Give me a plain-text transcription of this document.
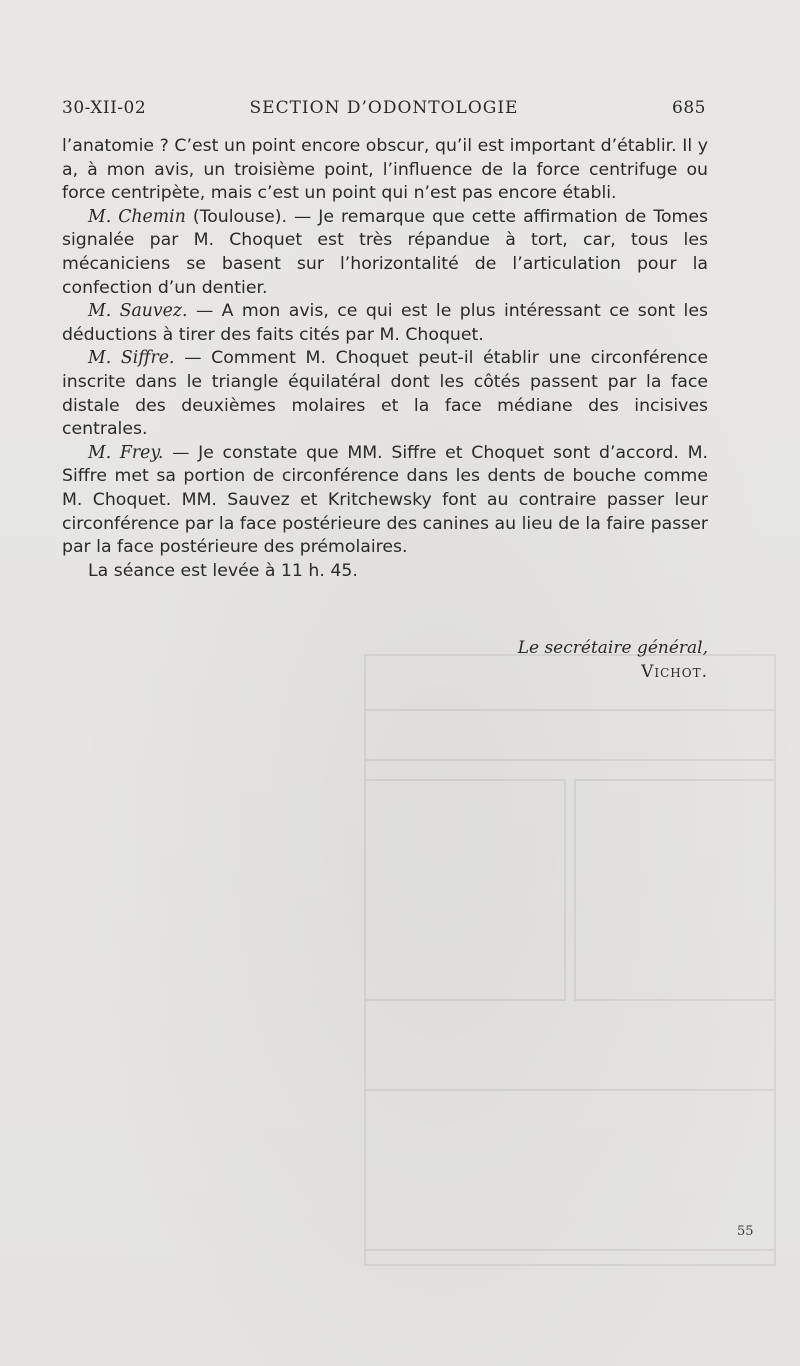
30-XII-02	SECTION D’ODONTOLOGIE	685

l’anatomie ? C’est un point encore obscur, qu’il est important d’établir. Il y a, à mon avis, un troisième point, l’influence de la force centrifuge ou force centripète, mais c’est un point qui n’est pas encore établi.

M. Chemin (Toulouse). — Je remarque que cette affirmation de Tomes signalée par M. Choquet est très répandue à tort, car, tous les mécaniciens se basent sur l’horizontalité de l’articulation pour la confection d’un dentier.

M. Sauvez. — A mon avis, ce qui est le plus intéressant ce sont les déductions à tirer des faits cités par M. Choquet.

M. Siffre. — Comment M. Choquet peut-il établir une circonférence inscrite dans le triangle équilatéral dont les côtés passent par la face distale des deuxièmes molaires et la face médiane des incisives centrales.

M. Frey. — Je constate que MM. Siffre et Choquet sont d’accord. M. Siffre met sa portion de circonférence dans les dents de bouche comme M. Choquet. MM. Sauvez et Kritchewsky font au contraire passer leur circonférence par la face postérieure des canines au lieu de la faire passer par la face postérieure des prémolaires.

La séance est levée à 11 h. 45.

Le secrétaire général,
Vichot.
55
